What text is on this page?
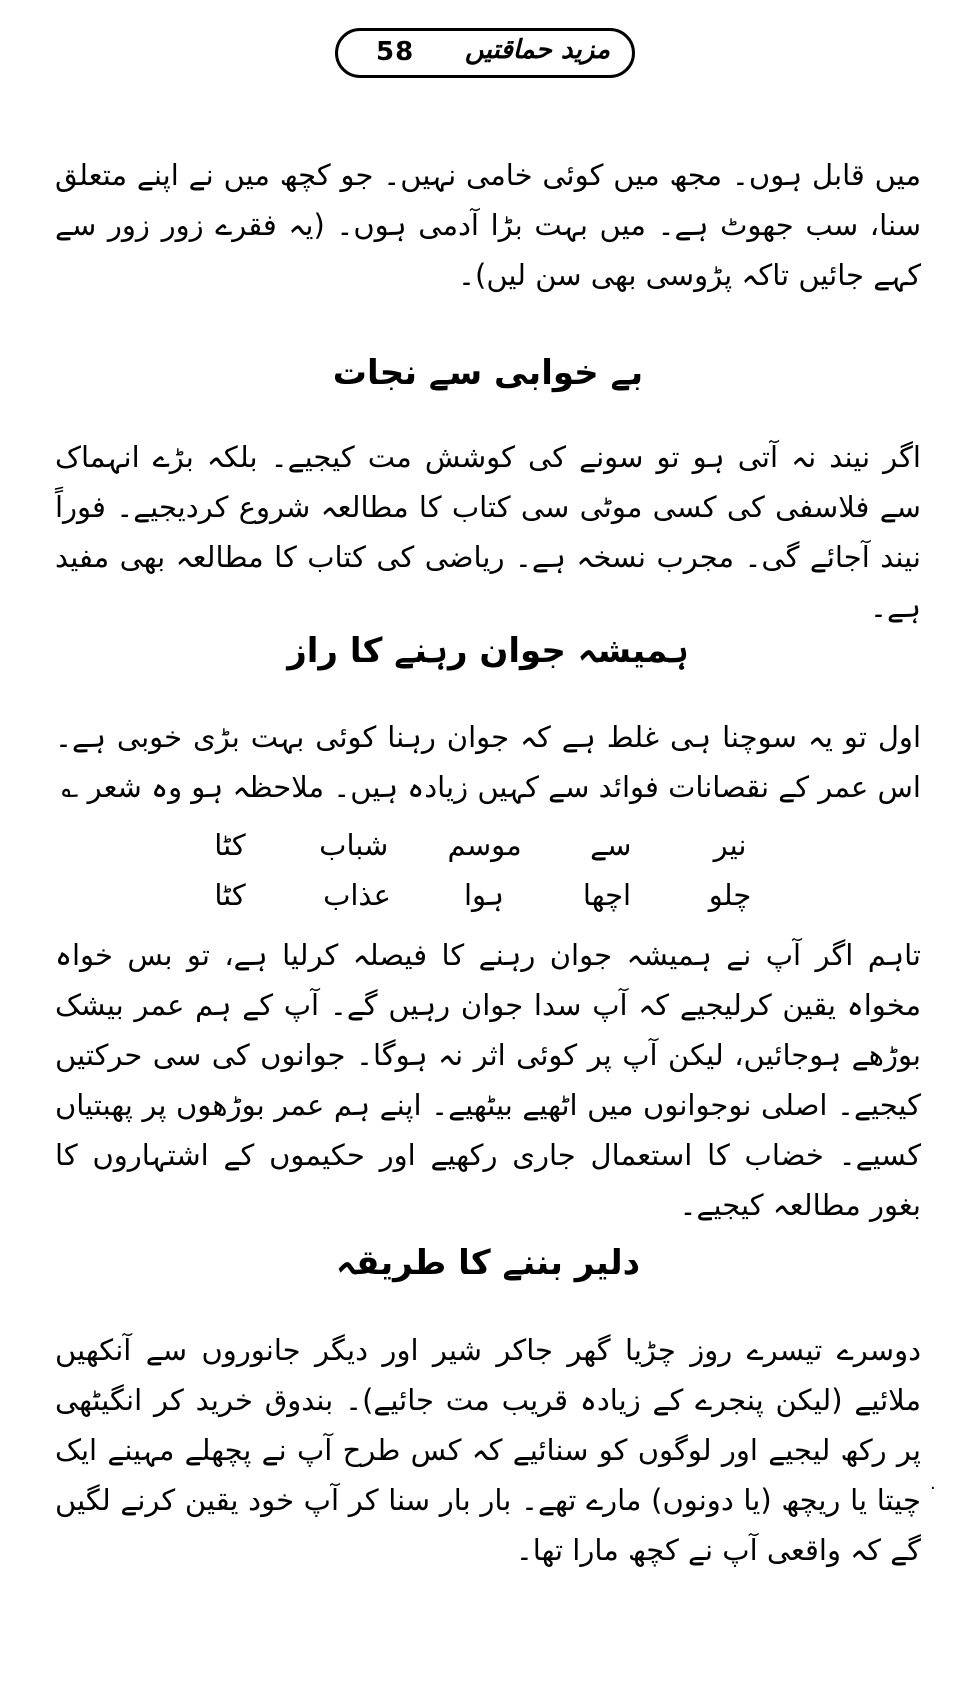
58 مزید حماقتیں

میں قابل ہوں۔ مجھ میں کوئی خامی نہیں۔ جو کچھ میں نے اپنے متعلق سنا، سب جھوٹ ہے۔ میں بہت بڑا آدمی ہوں۔ (یہ فقرے زور زور سے کہے جائیں تاکہ پڑوسی بھی سن لیں)۔

بے خوابی سے نجات

اگر نیند نہ آتی ہو تو سونے کی کوشش مت کیجیے۔ بلکہ بڑے انہماک سے فلاسفی کی کسی موٹی سی کتاب کا مطالعہ شروع کردیجیے۔ فوراً نیند آجائے گی۔ مجرب نسخہ ہے۔ ریاضی کی کتاب کا مطالعہ بھی مفید ہے۔

ہمیشہ جوان رہنے کا راز

اول تو یہ سوچنا ہی غلط ہے کہ جوان رہنا کوئی بہت بڑی خوبی ہے۔ اس عمر کے نقصانات فوائد سے کہیں زیادہ ہیں۔ ملاحظہ ہو وہ شعر ؎

نیر
سے
موسم
شباب
کٹا
چلو
اچھا
ہوا
عذاب
کٹا

تاہم اگر آپ نے ہمیشہ جوان رہنے کا فیصلہ کرلیا ہے، تو بس خواہ مخواہ یقین کرلیجیے کہ آپ سدا جوان رہیں گے۔ آپ کے ہم عمر بیشک بوڑھے ہوجائیں، لیکن آپ پر کوئی اثر نہ ہوگا۔ جوانوں کی سی حرکتیں کیجیے۔ اصلی نوجوانوں میں اٹھیے بیٹھیے۔ اپنے ہم عمر بوڑھوں پر پھبتیاں کسیے۔ خضاب کا استعمال جاری رکھیے اور حکیموں کے اشتہاروں کا بغور مطالعہ کیجیے۔

دلیر بننے کا طریقہ

دوسرے تیسرے روز چڑیا گھر جاکر شیر اور دیگر جانوروں سے آنکھیں ملائیے (لیکن پنجرے کے زیادہ قریب مت جائیے)۔ بندوق خرید کر انگیٹھی پر رکھ لیجیے اور لوگوں کو سنائیے کہ کس طرح آپ نے پچھلے مہینے ایک چیتا یا ریچھ (یا دونوں) مارے تھے۔ بار بار سنا کر آپ خود یقین کرنے لگیں گے کہ واقعی آپ نے کچھ مارا تھا۔

·
